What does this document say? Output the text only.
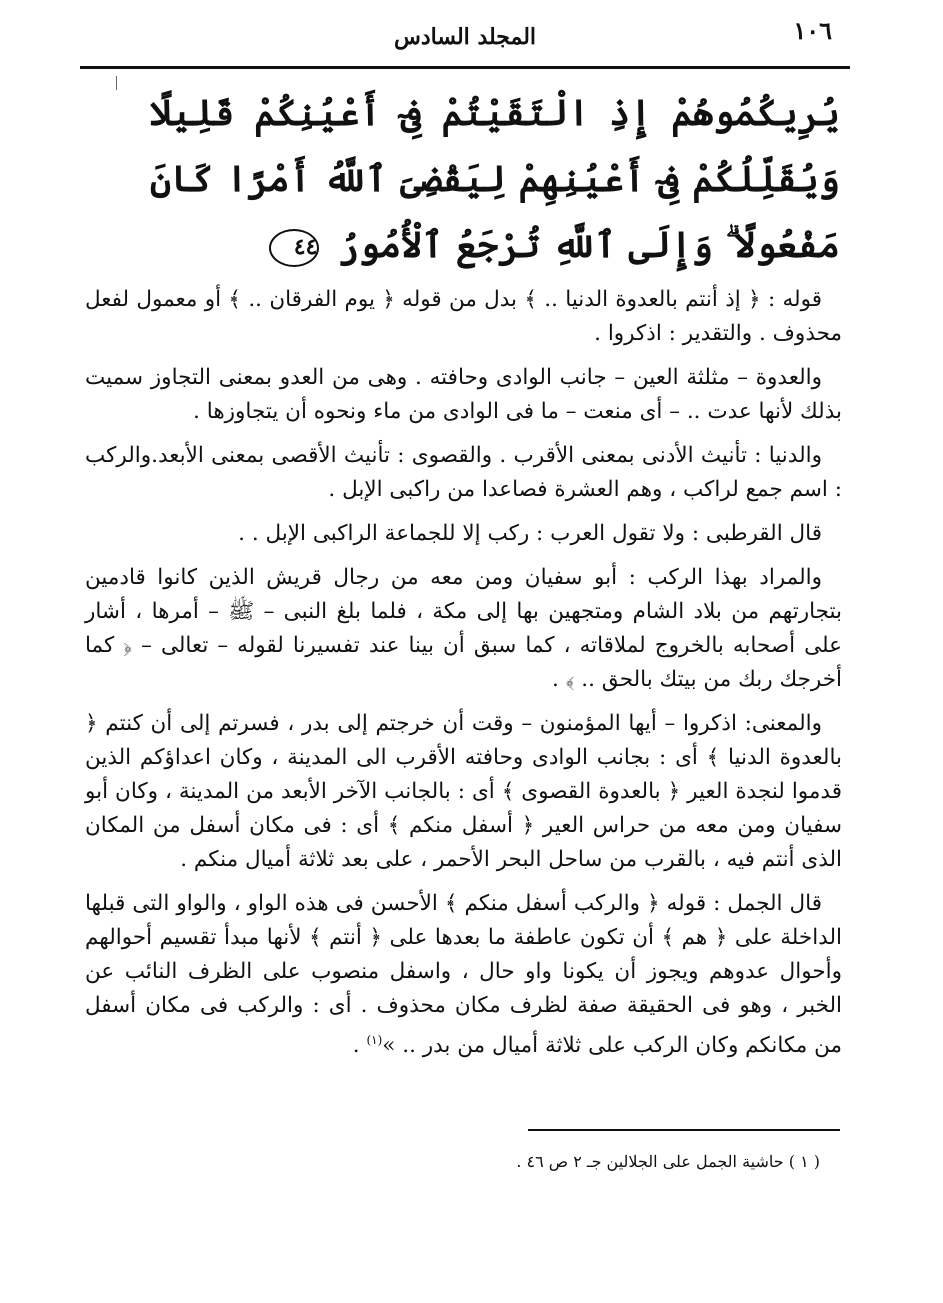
١٠٦
المجلد السادس
يُرِيكُمُوهُمْ إِذِ الْتَقَيْتُمْ فِىٓ أَعْيُنِكُمْ قَلِيلًا وَيُقَلِّلُكُمْ فِىٓ أَعْيُنِهِمْ لِيَقْضِىَ ٱللَّهُ أَمْرًا كَانَ مَفْعُولًا ۗ وَإِلَى ٱللَّهِ تُرْجَعُ ٱلْأُمُورُ ٤٤

قوله : ﴿ إذ أنتم بالعدوة الدنيا .. ﴾ بدل من قوله ﴿ يوم الفرقان .. ﴾ أو معمول لفعل محذوف . والتقدير : اذكروا .

والعدوة – مثلثة العين – جانب الوادى وحافته . وهى من العدو بمعنى التجاوز سميت بذلك لأنها عدت .. – أى منعت – ما فى الوادى من ماء ونحوه أن يتجاوزها .

والدنيا : تأنيث الأدنى بمعنى الأقرب . والقصوى : تأنيث الأقصى بمعنى الأبعد.والركب : اسم جمع لراكب ، وهم العشرة فصاعدا من راكبى الإبل .

قال القرطبى : ولا تقول العرب : ركب إلا للجماعة الراكبى الإبل . .

والمراد بهذا الركب : أبو سفيان ومن معه من رجال قريش الذين كانوا قادمين بتجارتهم من بلاد الشام ومتجهين بها إلى مكة ، فلما بلغ النبى – ﷺ – أمرها ، أشار على أصحابه بالخروج لملاقاته ، كما سبق أن بينا عند تفسيرنا لقوله – تعالى – ﴿ كما أخرجك ربك من بيتك بالحق .. ﴾ .

والمعنى: اذكروا – أيها المؤمنون – وقت أن خرجتم إلى بدر ، فسرتم إلى أن كنتم ﴿ بالعدوة الدنيا ﴾ أى : بجانب الوادى وحافته الأقرب الى المدينة ، وكان اعداؤكم الذين قدموا لنجدة العير ﴿ بالعدوة القصوى ﴾ أى : بالجانب الآخر الأبعد من المدينة ، وكان أبو سفيان ومن معه من حراس العير ﴿ أسفل منكم ﴾ أى : فى مكان أسفل من المكان الذى أنتم فيه ، بالقرب من ساحل البحر الأحمر ، على بعد ثلاثة أميال منكم .

قال الجمل : قوله ﴿ والركب أسفل منكم ﴾ الأحسن فى هذه الواو ، والواو التى قبلها الداخلة على ﴿ هم ﴾ أن تكون عاطفة ما بعدها على ﴿ أنتم ﴾ لأنها مبدأ تقسيم أحوالهم وأحوال عدوهم ويجوز أن يكونا واو حال ، واسفل منصوب على الظرف النائب عن الخبر ، وهو فى الحقيقة صفة لظرف مكان محذوف . أى : والركب فى مكان أسفل من مكانكم وكان الركب على ثلاثة أميال من بدر .. »$^{(١)}$ .

( ١ ) حاشية الجمل على الجلالين جـ ٢ ص ٤٦ .
